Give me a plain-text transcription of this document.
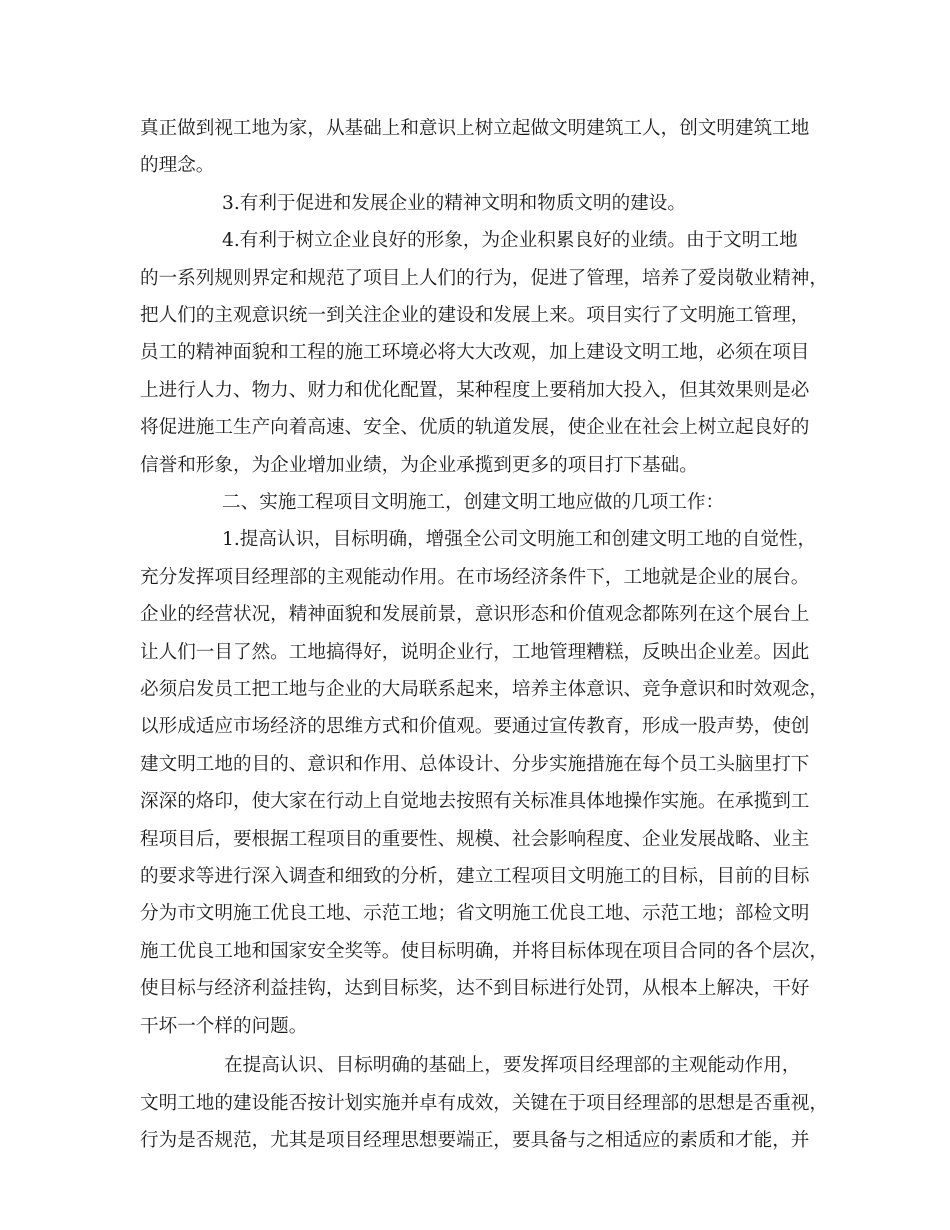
真正做到视工地为家，从基础上和意识上树立起做文明建筑工人，创文明建筑工地
的理念。
3.有利于促进和发展企业的精神文明和物质文明的建设。
4.有利于树立企业良好的形象，为企业积累良好的业绩。由于文明工地
的一系列规则界定和规范了项目上人们的行为，促进了管理，培养了爱岗敬业精神，
把人们的主观意识统一到关注企业的建设和发展上来。项目实行了文明施工管理，
员工的精神面貌和工程的施工环境必将大大改观，加上建设文明工地，必须在项目
上进行人力、物力、财力和优化配置，某种程度上要稍加大投入，但其效果则是必
将促进施工生产向着高速、安全、优质的轨道发展，使企业在社会上树立起良好的
信誉和形象，为企业增加业绩，为企业承揽到更多的项目打下基础。
二、实施工程项目文明施工，创建文明工地应做的几项工作：
1.提高认识，目标明确，增强全公司文明施工和创建文明工地的自觉性，
充分发挥项目经理部的主观能动作用。在市场经济条件下，工地就是企业的展台。
企业的经营状况，精神面貌和发展前景，意识形态和价值观念都陈列在这个展台上
让人们一目了然。工地搞得好，说明企业行，工地管理糟糕，反映出企业差。因此
必须启发员工把工地与企业的大局联系起来，培养主体意识、竞争意识和时效观念，
以形成适应市场经济的思维方式和价值观。要通过宣传教育，形成一股声势，使创
建文明工地的目的、意识和作用、总体设计、分步实施措施在每个员工头脑里打下
深深的烙印，使大家在行动上自觉地去按照有关标准具体地操作实施。在承揽到工
程项目后，要根据工程项目的重要性、规模、社会影响程度、企业发展战略、业主
的要求等进行深入调查和细致的分析，建立工程项目文明施工的目标，目前的目标
分为市文明施工优良工地、示范工地；省文明施工优良工地、示范工地；部检文明
施工优良工地和国家安全奖等。使目标明确，并将目标体现在项目合同的各个层次，
使目标与经济利益挂钩，达到目标奖，达不到目标进行处罚，从根本上解决，干好
干坏一个样的问题。
在提高认识、目标明确的基础上，要发挥项目经理部的主观能动作用，
文明工地的建设能否按计划实施并卓有成效，关键在于项目经理部的思想是否重视，
行为是否规范，尤其是项目经理思想要端正，要具备与之相适应的素质和才能，并
